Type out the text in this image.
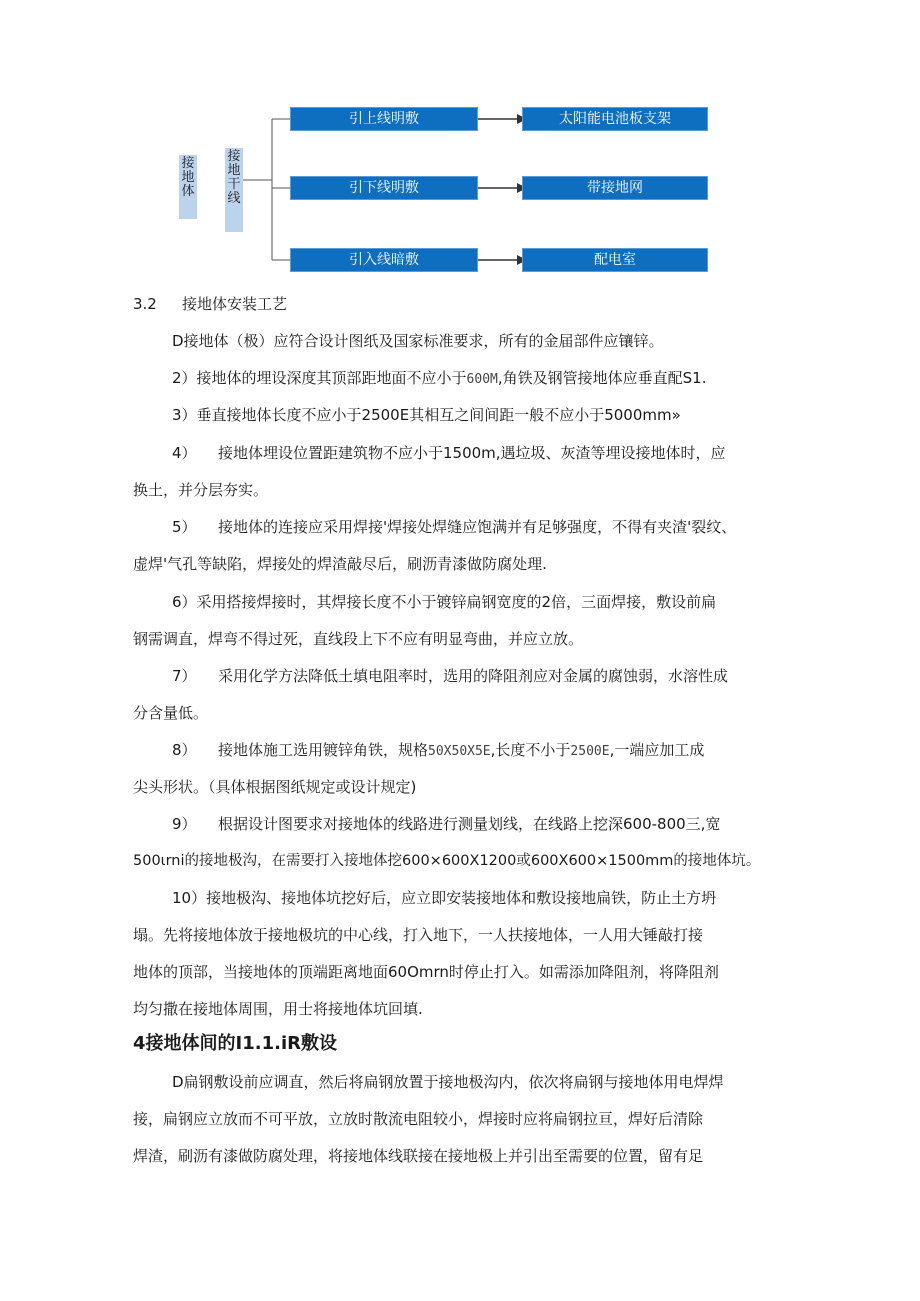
接地体
接地干线
引上线明敷
引下线明敷
引入线暗敷
太阳能电池板支架
带接地网
配电室
3.2 接地体安装工艺
D接地体（极）应符合设计图纸及国家标准要求，所有的金届部件应镶锌。
2）接地体的埋设深度其顶部距地面不应小于600M,角铁及钢管接地体应垂直配S1.
3）垂直接地体长度不应小于2500E其相互之间间距一般不应小于5000mm»
4） 接地体埋设位置距建筑物不应小于1500m,遇垃圾、灰渣等埋设接地体时，应
换土，并分层夯实。
5） 接地体的连接应采用焊接'焊接处焊缝应饱满并有足够强度，不得有夹渣'裂纹、
虚焊'气孔等缺陷，焊接处的焊渣敲尽后，刷沥青漆做防腐处理.
6）采用搭接焊接时，其焊接长度不小于镀锌扁钢宽度的2倍，三面焊接，敷设前扁
钢需调直，焊弯不得过死，直线段上下不应有明显弯曲，并应立放。
7） 采用化学方法降低土填电阻率时，选用的降阻剂应对金属的腐蚀弱，水溶性成
分含量低。
8） 接地体施工选用镀锌角铁，规格50X50X5E,长度不小于2500E,一端应加工成
尖头形状。（具体根据图纸规定或设计规定)
9） 根据设计图要求对接地体的线路进行测量划线，在线路上挖深600-800三,宽
500ιrni的接地极沟，在需要打入接地体挖600×600X1200或600X600×1500mm的接地体坑。
10）接地极沟、接地体坑挖好后，应立即安装接地体和敷设接地扁铁，防止土方坍
塌。先将接地体放于接地极坑的中心线，打入地下，一人扶接地体，一人用大锤敲打接
地体的顶部，当接地体的顶端距离地面60Omrn时停止打入。如需添加降阻剂，将降阻剂
均匀撒在接地体周围，用士将接地体坑回填.
4接地体间的I1.1.iR敷设
D扁钢敷设前应调直，然后将扁钢放置于接地极沟内，依次将扁钢与接地体用电焊焊
接，扁钢应立放而不可平放，立放时散流电阻较小，焊接时应将扁钢拉亘，焊好后清除
焊渣，刷沥有漆做防腐处理，将接地体线联接在接地极上并引出至需要的位置，留有足
